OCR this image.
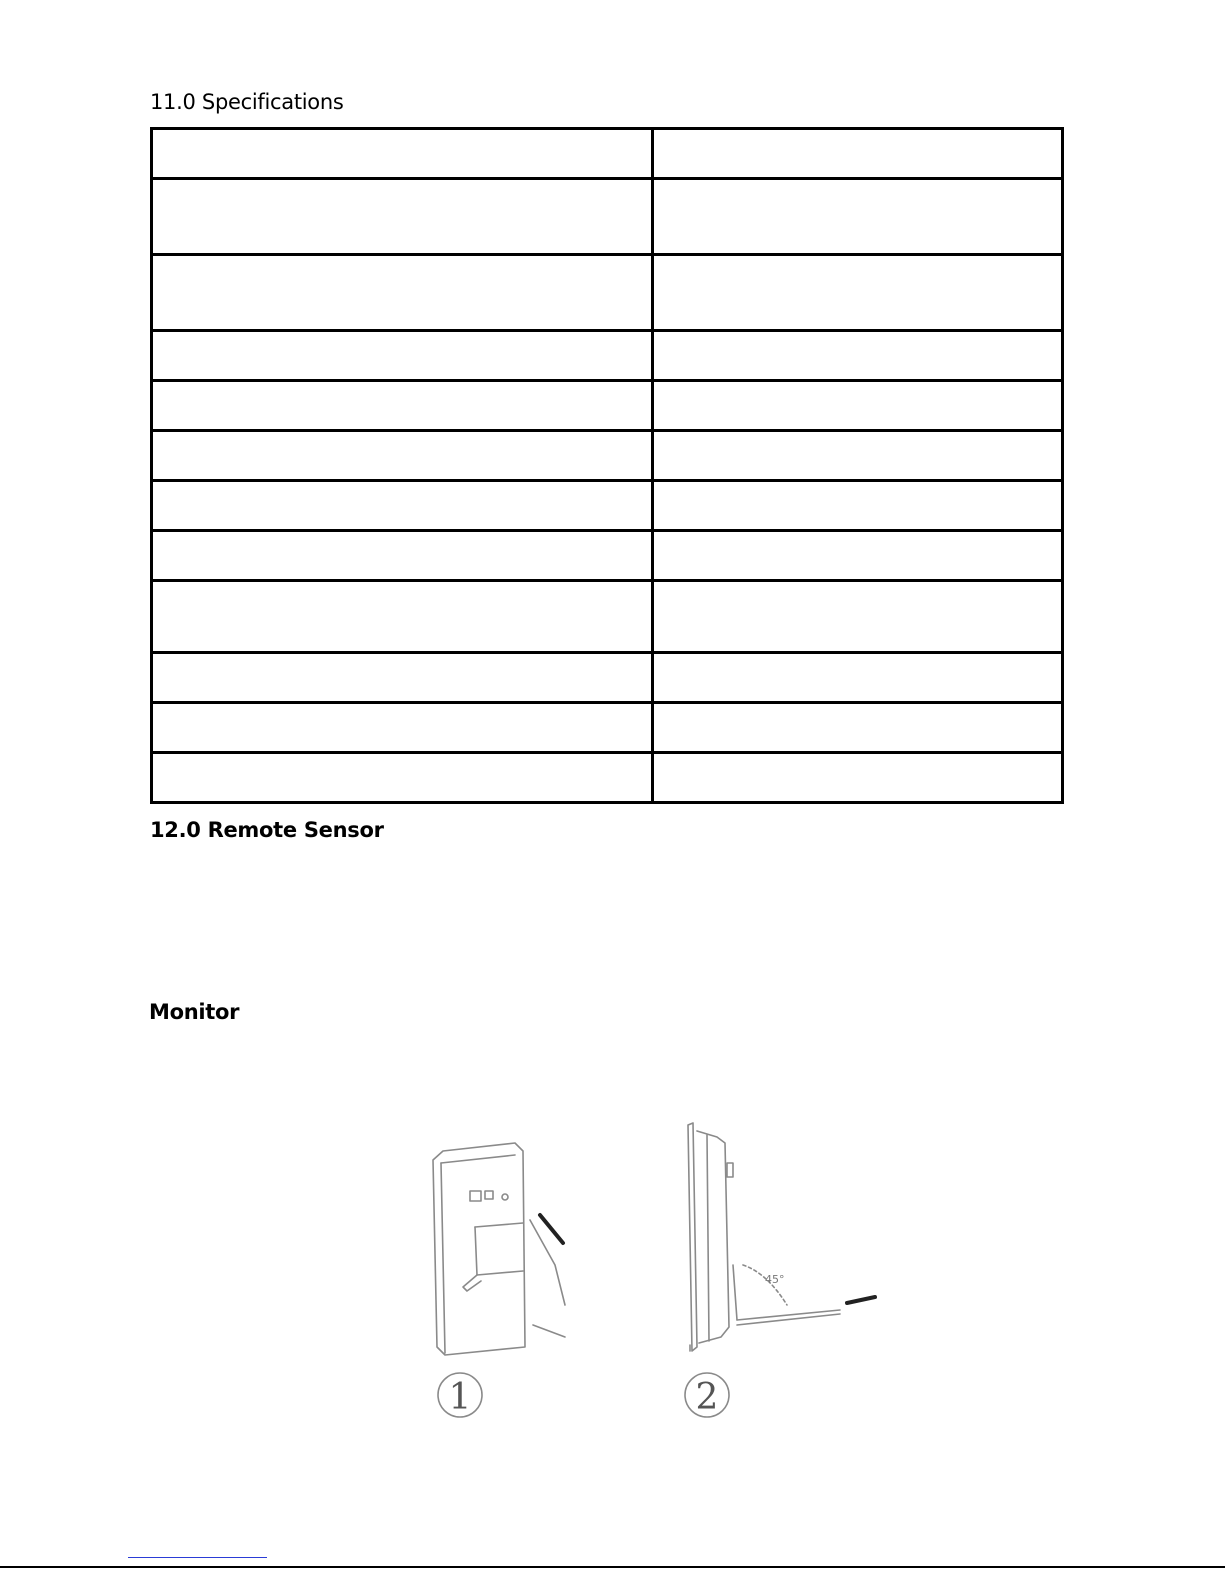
11.0 Specifications

12.0 Remote Sensor
Monitor
1	2
45°
